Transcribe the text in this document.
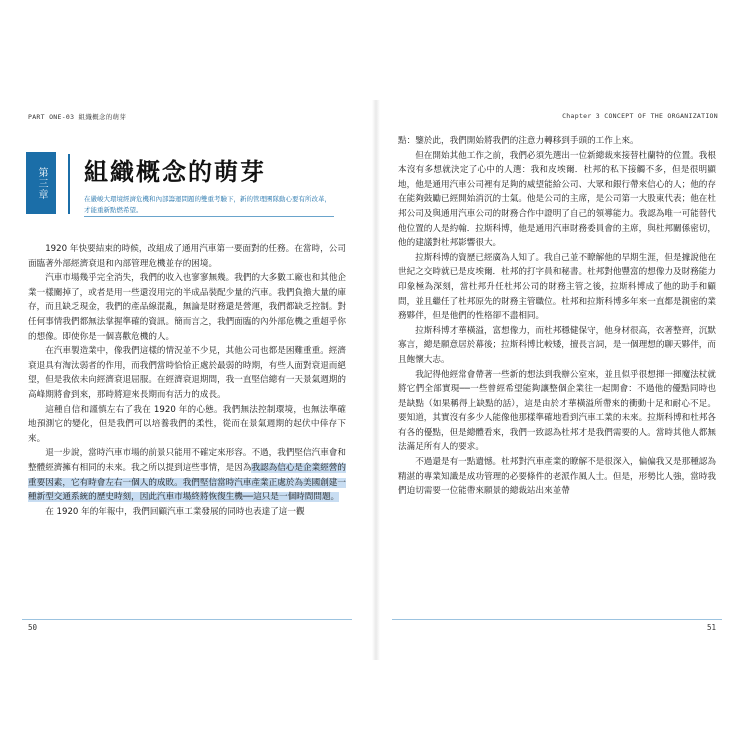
PART ONE-03 組織概念的萌芽
第三章	組織概念的萌芽
在嚴峻大環境經濟危機和內部籌運問題的雙重考驗下，新的管理團隊動心要有所改革，才能重新點燃希望。

1920 年快要結束的時候，改組成了通用汽車第一要面對的任務。在當時，公司面臨著外部經濟衰退和內部管理危機並存的困境。

汽車市場幾乎完全消失，我們的收入也寥寥無幾。我們的大多數工廠也和其他企業一樣關掉了，或者是用一些還沒用完的半成品裝配少量的汽車。我們負擔大量的庫存，而且缺乏現金，我們的產品線混亂，無論是財務還是營運，我們都缺乏控制。對任何事情我們都無法掌握準確的資訊。簡而言之，我們面臨的內外部危機之重超乎你的想像。即使你是一個喜歡危機的人。

在汽車製造業中，像我們這樣的情況並不少見，其他公司也都是困難重重。經濟衰退具有淘汰弱者的作用，而我們當時恰恰正處於最弱的時期，有些人面對衰退而絕望，但是我依未向經濟衰退屈服。在經濟衰退期間，我一直堅信總有一天景氣週期的高峰期將會到來，那時將迎來長期而有活力的成長。

這種自信和謹慎左右了我在 1920 年的心態。我們無法控制環境，也無法準確地預測它的變化，但是我們可以培養我們的柔性，從而在景氣週期的起伏中倖存下來。

退一步說，當時汽車市場的前景只能用不確定來形容。不過，我們堅信汽車會和整體經濟擁有相同的未來。我之所以提到這些事情，是因為我認為信心是企業經營的重要因素，它有時會左右一個人的成敗。我們堅信當時汽車產業正處於為美國創建一種新型交通系統的歷史時刻，因此汽車市場終將恢復生機──這只是一個時間問題。

在 1920 年的年報中，我們回顧汽車工業發展的同時也表達了這一觀

50
Chapter 3 CONCEPT OF THE ORGANIZATION

點：鑒於此，我們開始將我們的注意力轉移到手頭的工作上來。

但在開始其他工作之前，我們必須先選出一位新總裁來接替杜蘭特的位置。我根本沒有多想就決定了心中的人選：我和皮埃爾．杜邦的私下接觸不多，但是很明顯地，他是通用汽車公司裡有足夠的威望能給公司、大眾和銀行帶來信心的人；他的存在能夠鼓勵已經開始消沉的士氣。他是公司的主席，是公司第一大股東代表；他在杜邦公司及與通用汽車公司的財務合作中證明了自己的領導能力。我認為唯一可能替代他位置的人是約翰．拉斯科博，他是通用汽車財務委員會的主席，與杜邦關係密切，他的建議對杜邦影響很大。

拉斯科博的資歷已經廣為人知了。我自己並不瞭解他的早期生涯，但是據說他在世紀之交時就已是皮埃爾．杜邦的打字員和秘書。杜邦對他豐富的想像力及財務能力印象極為深刻，當杜邦升任杜邦公司的財務主管之後，拉斯科博成了他的助手和顧問，並且繼任了杜邦原先的財務主管職位。杜邦和拉斯科博多年來一直都是親密的業務夥伴，但是他們的性格卻不盡相同。

拉斯科博才華橫溢，富想像力，而杜邦穩健保守，他身材很高，衣著整齊，沉默寡言，總是願意居於幕後；拉斯科博比較矮，擅長言詞，是一個理想的聊天夥伴，而且飽懷大志。

我記得他經常會帶著一些新的想法到我辦公室來，並且似乎很想揮一揮魔法杖就將它們全部實現──一些曾經希望能夠讓整個企業往一起開會：不過他的優點同時也是缺點（如果稱得上缺點的話），這是由於才華橫溢所帶來的衝動十足和耐心不足。要知道，其實沒有多少人能像他那樣準確地看到汽車工業的未來。拉斯科博和杜邦各有各的優點，但是總體看來，我們一致認為杜邦才是我們需要的人。當時其他人都無法滿足所有人的要求。

不過還是有一點遺憾。杜邦對汽車產業的瞭解不是很深入，偏偏我又是那種認為精湛的專業知識是成功管理的必要條件的老派作風人士。但是，形勢比人強，當時我們迫切需要一位能帶來願景的總裁站出來並帶

51
